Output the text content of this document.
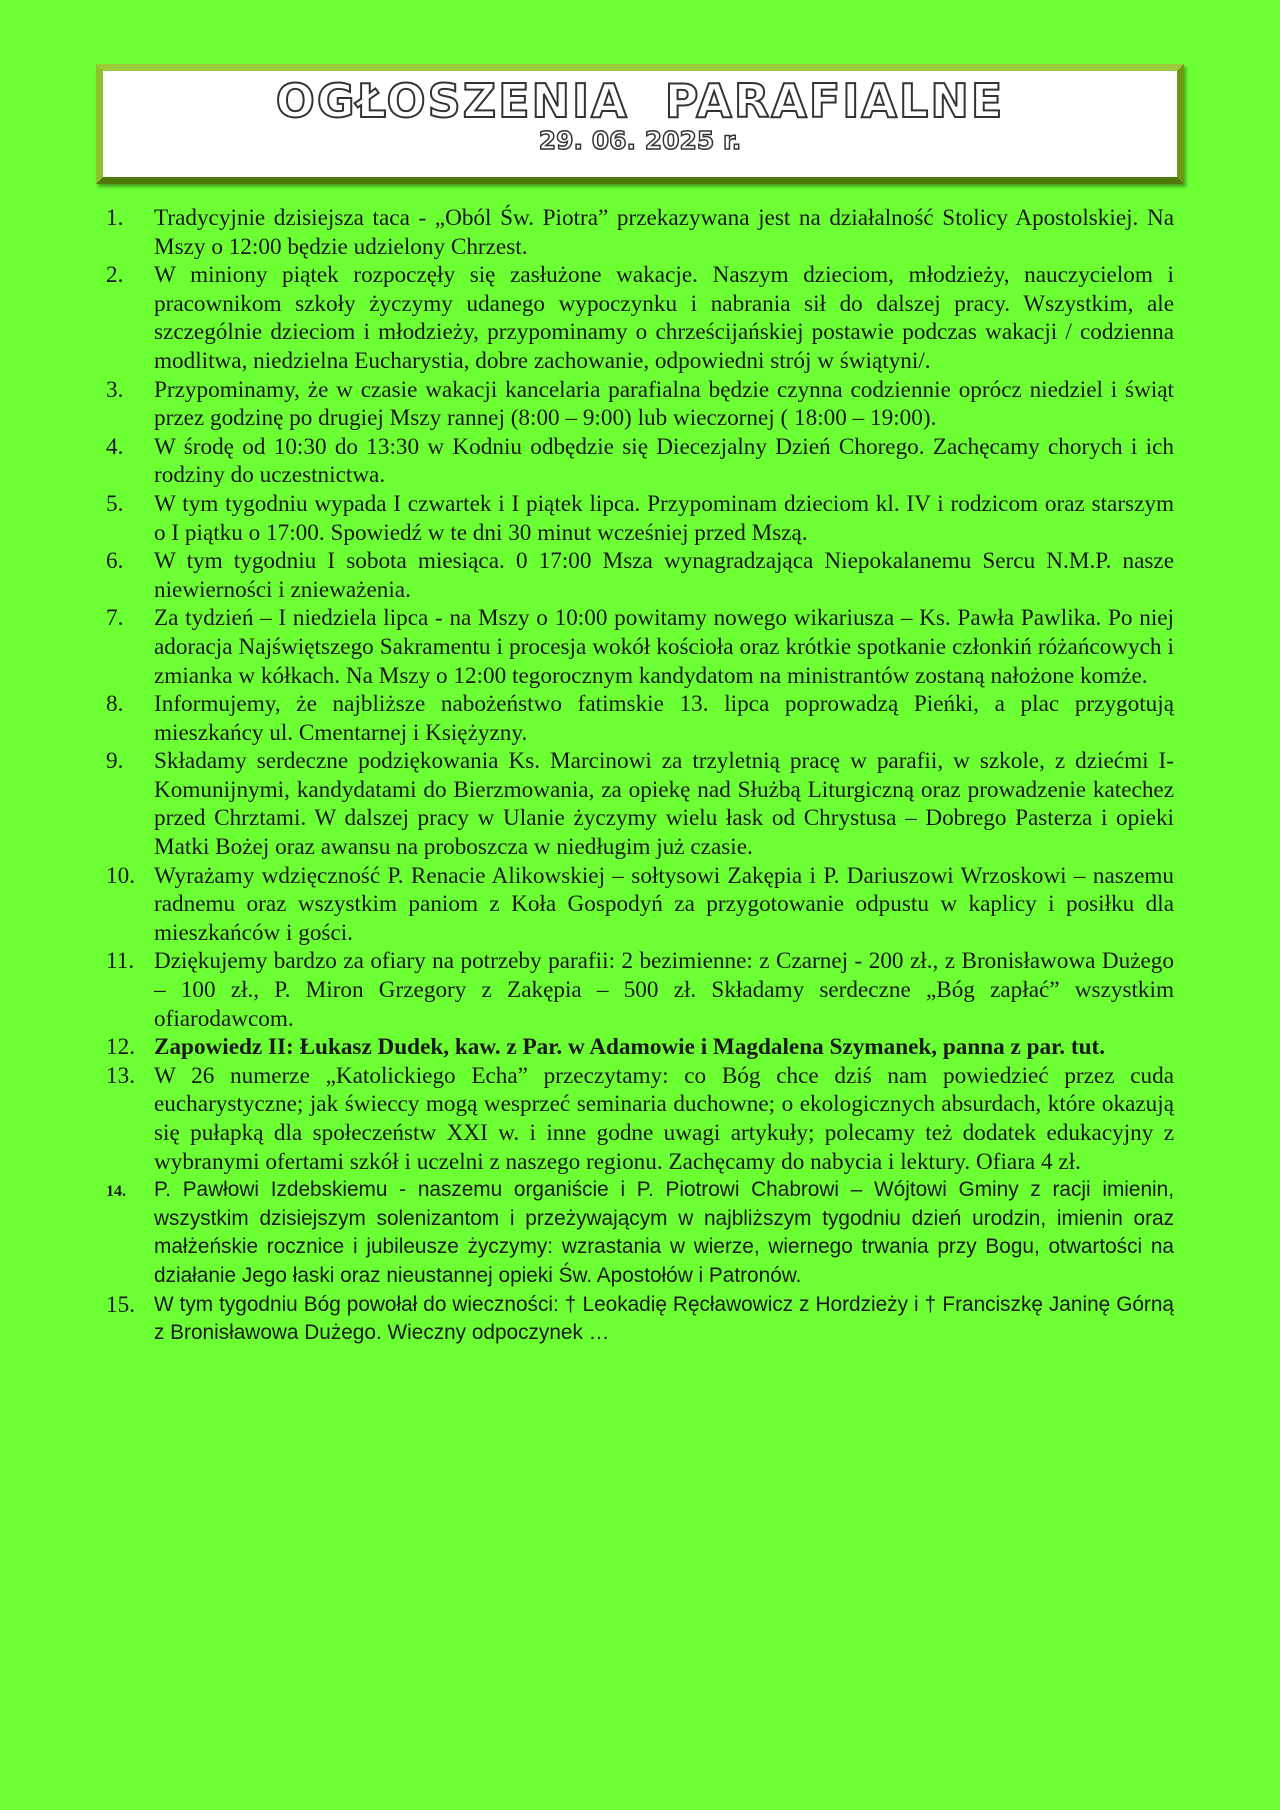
OGŁOSZENIA  PARAFIALNE
29. 06. 2025 r.
1. Tradycyjnie dzisiejsza taca - „Oból Św. Piotra” przekazywana jest na działalność Stolicy Apostolskiej. Na Mszy o 12:00 będzie udzielony Chrzest.
2. W miniony piątek rozpoczęły się zasłużone wakacje. Naszym dzieciom, młodzieży, nauczycielom i pracownikom szkoły życzymy udanego wypoczynku i nabrania sił do dalszej pracy. Wszystkim, ale szczególnie dzieciom i młodzieży, przypominamy o chrześcijańskiej postawie podczas wakacji / codzienna modlitwa, niedzielna Eucharystia, dobre zachowanie, odpowiedni strój w świątyni/.
3. Przypominamy, że w czasie wakacji kancelaria parafialna będzie czynna codziennie oprócz niedziel i świąt przez godzinę po drugiej Mszy rannej (8:00 – 9:00) lub wieczornej ( 18:00 – 19:00).
4. W środę od 10:30 do 13:30 w Kodniu odbędzie się Diecezjalny Dzień Chorego. Zachęcamy chorych i ich rodziny do uczestnictwa.
5. W tym tygodniu wypada I czwartek i I piątek lipca. Przypominam dzieciom kl. IV i rodzicom oraz starszym o I piątku o 17:00. Spowiedź w te dni 30 minut wcześniej przed Mszą.
6. W tym tygodniu I sobota miesiąca. 0 17:00 Msza wynagradzająca Niepokalanemu Sercu N.M.P. nasze niewierności i znieważenia.
7. Za tydzień – I niedziela lipca - na Mszy o 10:00 powitamy nowego wikariusza – Ks. Pawła Pawlika. Po niej adoracja Najświętszego Sakramentu i procesja wokół kościoła oraz krótkie spotkanie członkiń różańcowych i zmianka w kółkach. Na Mszy o 12:00 tegorocznym kandydatom na ministrantów zostaną nałożone komże.
8. Informujemy, że najbliższe nabożeństwo fatimskie 13. lipca poprowadzą Pieńki, a plac przygotują mieszkańcy ul. Cmentarnej i Księżyzny.
9. Składamy serdeczne podziękowania Ks. Marcinowi za trzyletnią pracę w parafii, w szkole, z dziećmi I-Komunijnymi, kandydatami do Bierzmowania, za opiekę nad Służbą Liturgiczną oraz prowadzenie katechez przed Chrztami. W dalszej pracy w Ulanie życzymy wielu łask od Chrystusa – Dobrego Pasterza i opieki Matki Bożej oraz awansu na proboszcza w niedługim już czasie.
10. Wyrażamy wdzięczność P. Renacie Alikowskiej – sołtysowi Zakępia i P. Dariuszowi Wrzoskowi – naszemu radnemu oraz wszystkim paniom z Koła Gospodyń za przygotowanie odpustu w kaplicy i posiłku dla mieszkańców i gości.
11. Dziękujemy bardzo za ofiary na potrzeby parafii: 2 bezimienne: z Czarnej - 200 zł., z Bronisławowa Dużego – 100 zł., P. Miron Grzegory z Zakępia – 500 zł. Składamy serdeczne „Bóg zapłać” wszystkim ofiarodawcom.
12. Zapowiedz II: Łukasz Dudek, kaw. z Par. w Adamowie i Magdalena Szymanek, panna z par. tut.
13. W 26 numerze „Katolickiego Echa” przeczytamy: co Bóg chce dziś nam powiedzieć przez cuda eucharystyczne; jak świeccy mogą wesprzeć seminaria duchowne; o ekologicznych absurdach, które okazują się pułapką dla społeczeństw XXI w. i inne godne uwagi artykuły; polecamy też dodatek edukacyjny z wybranymi ofertami szkół i uczelni z naszego regionu. Zachęcamy do nabycia i lektury. Ofiara 4 zł.
14. P. Pawłowi Izdebskiemu - naszemu organiście i P. Piotrowi Chabrowi – Wójtowi Gminy z racji imienin, wszystkim dzisiejszym solenizantom i przeżywającym w najbliższym tygodniu dzień urodzin, imienin oraz małżeńskie rocznice i jubileusze życzymy: wzrastania w wierze, wiernego trwania przy Bogu, otwartości na działanie Jego łaski oraz nieustannej opieki Św. Apostołów i Patronów.
15. W tym tygodniu Bóg powołał do wieczności: † Leokadię Ręcławowicz z Hordzieży i † Franciszkę Janinę Górną z Bronisławowa Dużego. Wieczny odpoczynek …
